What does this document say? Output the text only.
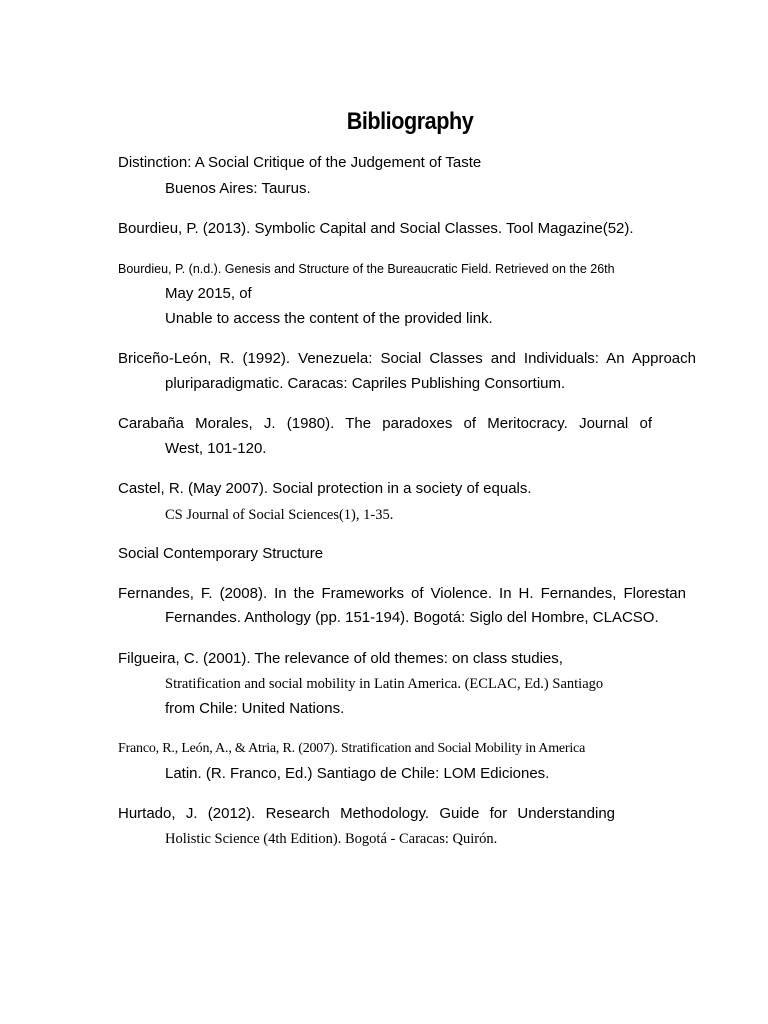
Bibliography
Distinction: A Social Critique of the Judgement of Taste
Buenos Aires: Taurus.
Bourdieu, P. (2013). Symbolic Capital and Social Classes. Tool Magazine(52).
Bourdieu, P. (n.d.). Genesis and Structure of the Bureaucratic Field. Retrieved on the 26th
May 2015, of
Unable to access the content of the provided link.
Briceño-León, R. (1992). Venezuela: Social Classes and Individuals: An Approach
pluriparadigmatic. Caracas: Capriles Publishing Consortium.
Carabaña Morales, J. (1980). The paradoxes of Meritocracy. Journal of
West, 101-120.
Castel, R. (May 2007). Social protection in a society of equals.
CS Journal of Social Sciences(1), 1-35.
Social Contemporary Structure
Fernandes, F. (2008). In the Frameworks of Violence. In H. Fernandes, Florestan
Fernandes. Anthology (pp. 151-194). Bogotá: Siglo del Hombre, CLACSO.
Filgueira, C. (2001). The relevance of old themes: on class studies,
Stratification and social mobility in Latin America. (ECLAC, Ed.) Santiago
from Chile: United Nations.
Franco, R., León, A., & Atria, R. (2007). Stratification and Social Mobility in America
Latin. (R. Franco, Ed.) Santiago de Chile: LOM Ediciones.
Hurtado, J. (2012). Research Methodology. Guide for Understanding
Holistic Science (4th Edition). Bogotá - Caracas: Quirón.
